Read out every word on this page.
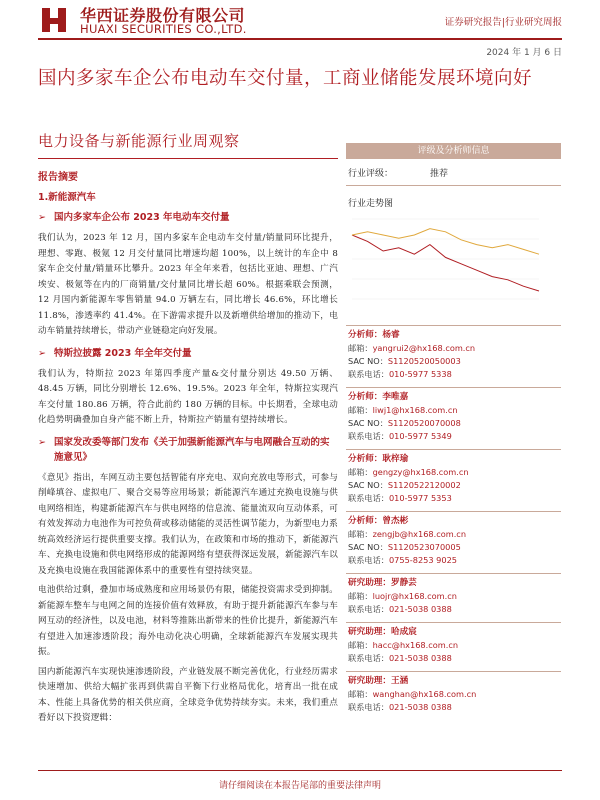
华西证券股份有限公司
HUAXI SECURITIES CO.,LTD.	证券研究报告|行业研究周报
2024 年 1 月 6 日
国内多家车企公布电动车交付量，工商业储能发展环境向好
电力设备与新能源行业周观察
报告摘要
1.新能源汽车
➢ 国内多家车企公布 2023 年电动车交付量

我们认为，2023 年 12 月，国内多家车企电动车交付量/销量同环比提升，理想、零跑、极氪 12 月交付量同比增速均超 100%，以上统计的车企中 8 家车企交付量/销量环比攀升。2023 年全年来看，包括比亚迪、理想、广汽埃安、极氪等在内的厂商销量/交付量同比增长超 60%。根据乘联会预测，12 月国内新能源车零售销量 94.0 万辆左右，同比增长 46.6%，环比增长 11.8%，渗透率约 41.4%。在下游需求提升以及新增供给增加的推动下，电动车销量持续增长，带动产业链稳定向好发展。

➢ 特斯拉披露 2023 年全年交付量

我们认为，特斯拉 2023 年第四季度产量&交付量分别达 49.50 万辆、48.45 万辆，同比分别增长 12.6%、19.5%。2023 年全年，特斯拉实现汽车交付量 180.86 万辆，符合此前约 180 万辆的目标。中长期看，全球电动化趋势明确叠加自身产能不断上升，特斯拉产销量有望持续增长。

➢ 国家发改委等部门发布《关于加强新能源汽车与电网融合互动的实施意见》

《意见》指出，车网互动主要包括智能有序充电、双向充放电等形式，可参与削峰填谷、虚拟电厂、聚合交易等应用场景；新能源汽车通过充换电设施与供电网络相连，构建新能源汽车与供电网络的信息流、能量流双向互动体系，可有效发挥动力电池作为可控负荷或移动储能的灵活性调节能力，为新型电力系统高效经济运行提供重要支撑。我们认为，在政策和市场的推动下，新能源汽车、充换电设施和供电网络形成的能源网络有望获得深远发展，新能源汽车以及充换电设施在我国能源体系中的重要性有望持续突显。

电池供给过剩，叠加市场成熟度和应用场景仍有限，储能投资需求受到抑制。新能源车整车与电网之间的连接价值有效释放，有助于提升新能源汽车参与车网互动的经济性，以及电池，材料等推陈出新带来的性价比提升，新能源汽车有望进入加速渗透阶段；海外电动化决心明确，全球新能源汽车发展实现共振。

国内新能源汽车实现快速渗透阶段，产业链发展不断完善优化，行业经历需求快速增加、供给大幅扩张再到供需自平衡下行业格局优化，培育出一批在成本、性能上具备优势的相关供应商，全球竞争优势持续夯实。未来，我们重点看好以下投资逻辑：

评级及分析师信息
行业评级：	推荐
行业走势图
分析师：杨睿
邮箱：yangrui2@hx168.com.cn
SAC NO：S1120520050003
联系电话：010-5977 5338
分析师：李唯嘉
邮箱：liwj1@hx168.com.cn
SAC NO：S1120520070008
联系电话：010-5977 5349
分析师：耿梓瑜
邮箱：gengzy@hx168.com.cn
SAC NO：S1120522120002
联系电话：010-5977 5353
分析师：曾杰彬
邮箱：zengjb@hx168.com.cn
SAC NO：S1120523070005
联系电话：0755-8253 9025
研究助理：罗静芸
邮箱：luojr@hx168.com.cn
联系电话：021-5038 0388
研究助理：哈成宸
邮箱：hacc@hx168.com.cn
联系电话：021-5038 0388
研究助理：王涵
邮箱：wanghan@hx168.com.cn
联系电话：021-5038 0388
请仔细阅读在本报告尾部的重要法律声明
